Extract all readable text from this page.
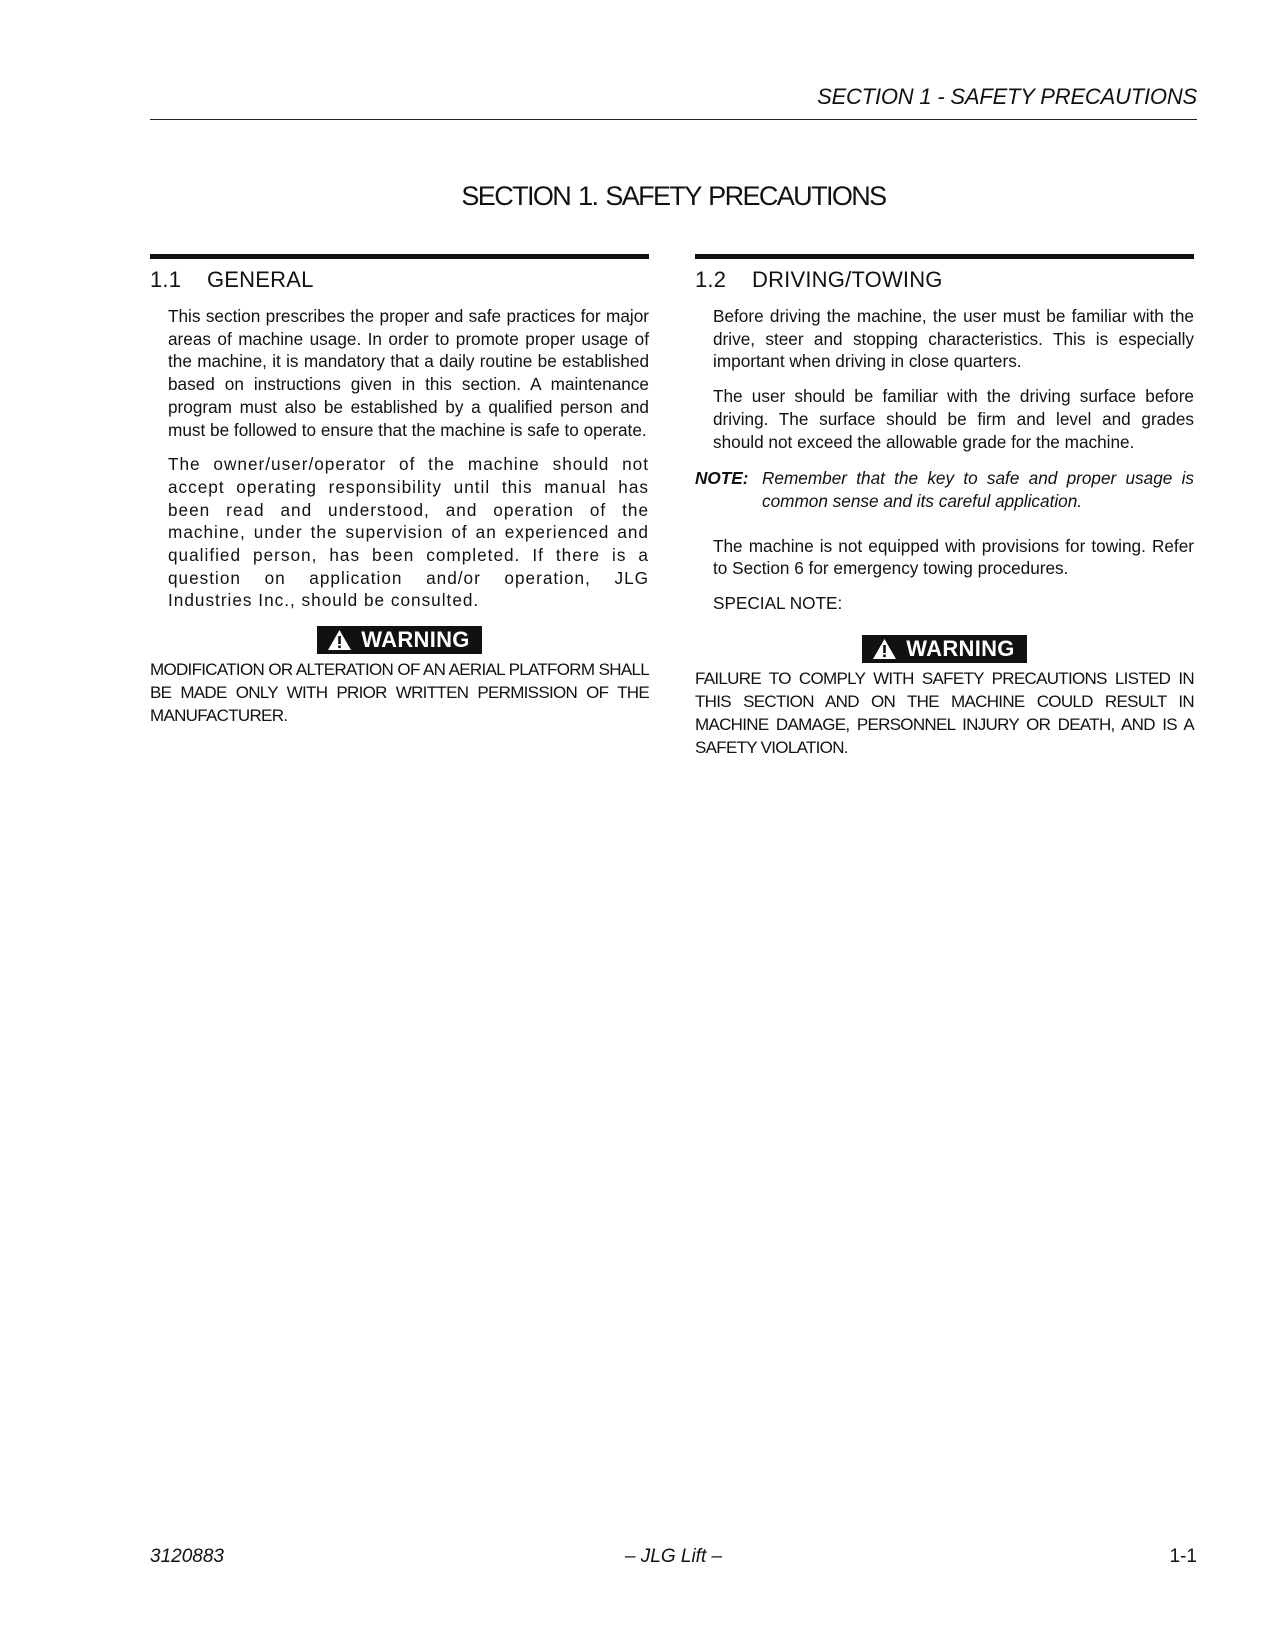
SECTION 1 - SAFETY PRECAUTIONS
SECTION 1. SAFETY PRECAUTIONS
1.1 GENERAL

This section prescribes the proper and safe practices for major areas of machine usage. In order to promote proper usage of the machine, it is mandatory that a daily routine be established based on instructions given in this section. A maintenance program must also be established by a qualified person and must be followed to ensure that the machine is safe to operate.

The owner/user/operator of the machine should not accept operating responsibility until this manual has been read and understood, and operation of the machine, under the supervision of an experienced and qualified person, has been completed. If there is a question on application and/or operation, JLG Industries Inc., should be consulted.

WARNING
MODIFICATION OR ALTERATION OF AN AERIAL PLATFORM SHALL BE MADE ONLY WITH PRIOR WRITTEN PERMISSION OF THE MANUFACTURER.
1.2 DRIVING/TOWING

Before driving the machine, the user must be familiar with the drive, steer and stopping characteristics. This is especially important when driving in close quarters.

The user should be familiar with the driving surface before driving. The surface should be firm and level and grades should not exceed the allowable grade for the machine.

NOTE: Remember that the key to safe and proper usage is common sense and its careful application.

The machine is not equipped with provisions for towing. Refer to Section 6 for emergency towing procedures.

SPECIAL NOTE:

WARNING
FAILURE TO COMPLY WITH SAFETY PRECAUTIONS LISTED IN THIS SECTION AND ON THE MACHINE COULD RESULT IN MACHINE DAMAGE, PERSONNEL INJURY OR DEATH, AND IS A SAFETY VIOLATION.
3120883	– JLG Lift –	1-1
